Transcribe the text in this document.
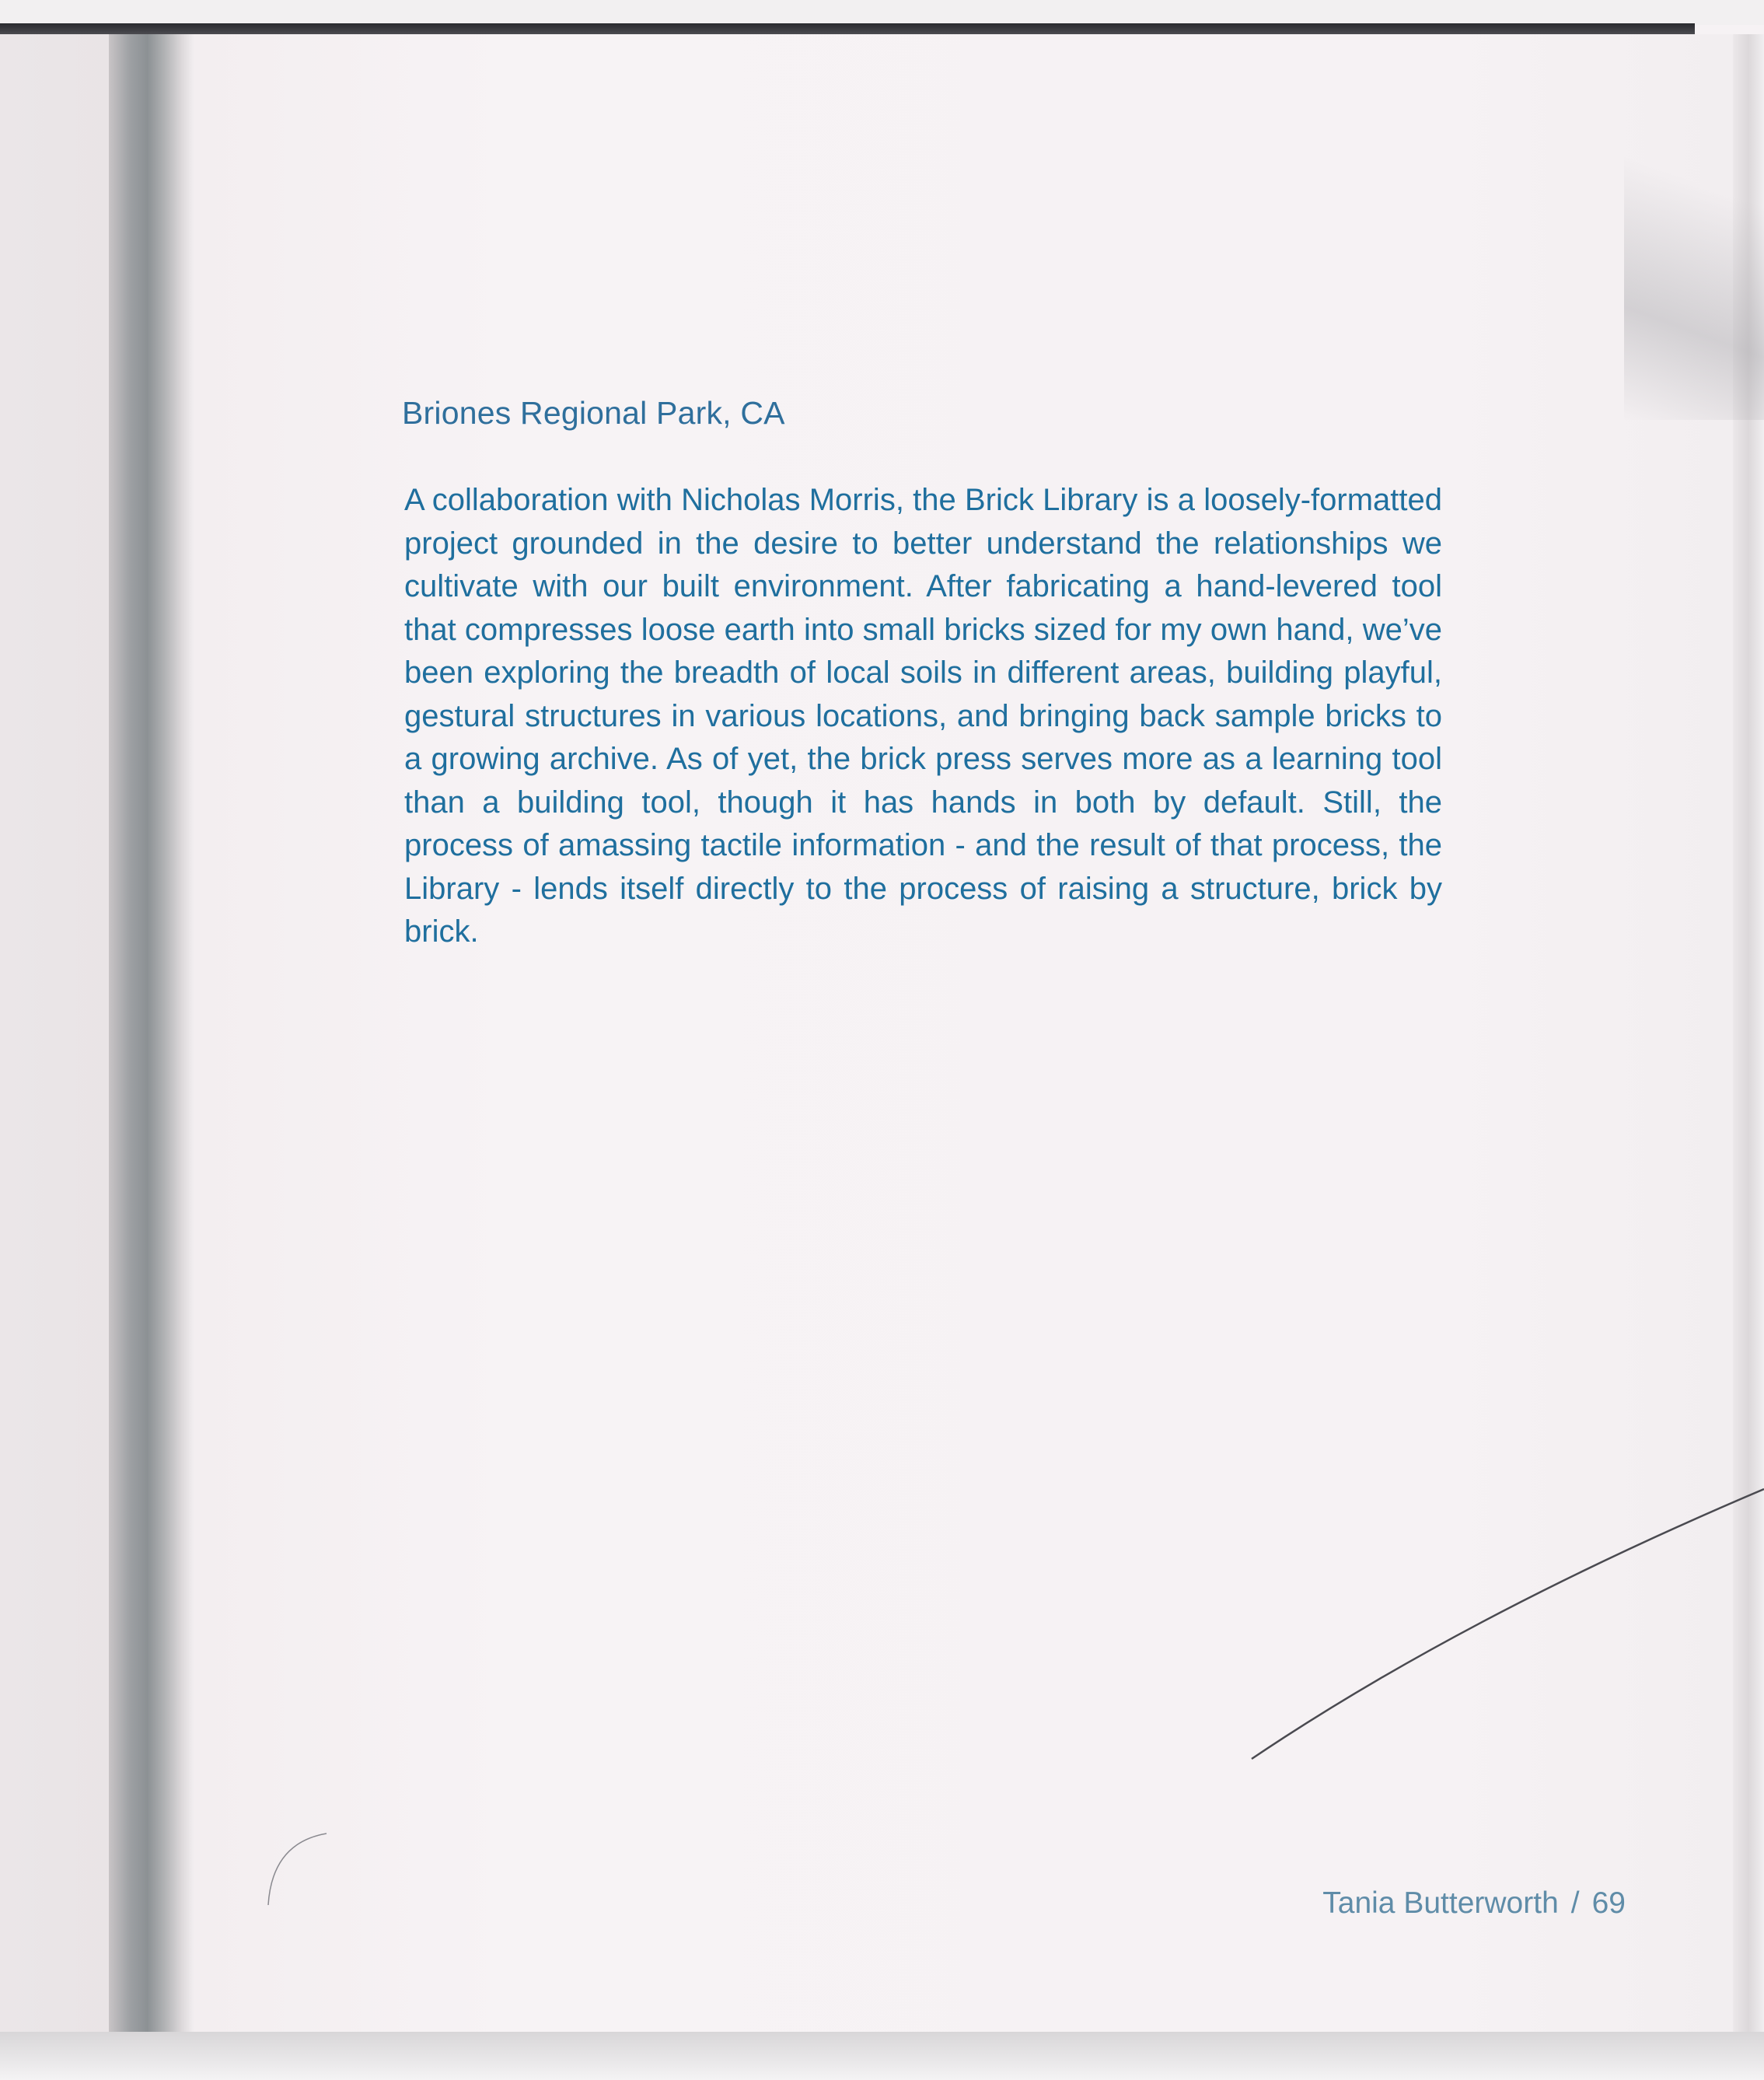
Briones Regional Park, CA

A collaboration with Nicholas Morris, the Brick Library is a loosely-formatted project grounded in the desire to better understand the relationships we cultivate with our built environment. After fabricating a hand-levered tool that compresses loose earth into small bricks sized for my own hand, we’ve been exploring the breadth of local soils in different areas, building playful, gestural structures in various locations, and bringing back sample bricks to a growing archive. As of yet, the brick press serves more as a learning tool than a building tool, though it has hands in both by default. Still, the process of amassing tactile information - and the result of that process, the Library - lends itself directly to the process of raising a structure, brick by brick.

Tania Butterworth / 69
